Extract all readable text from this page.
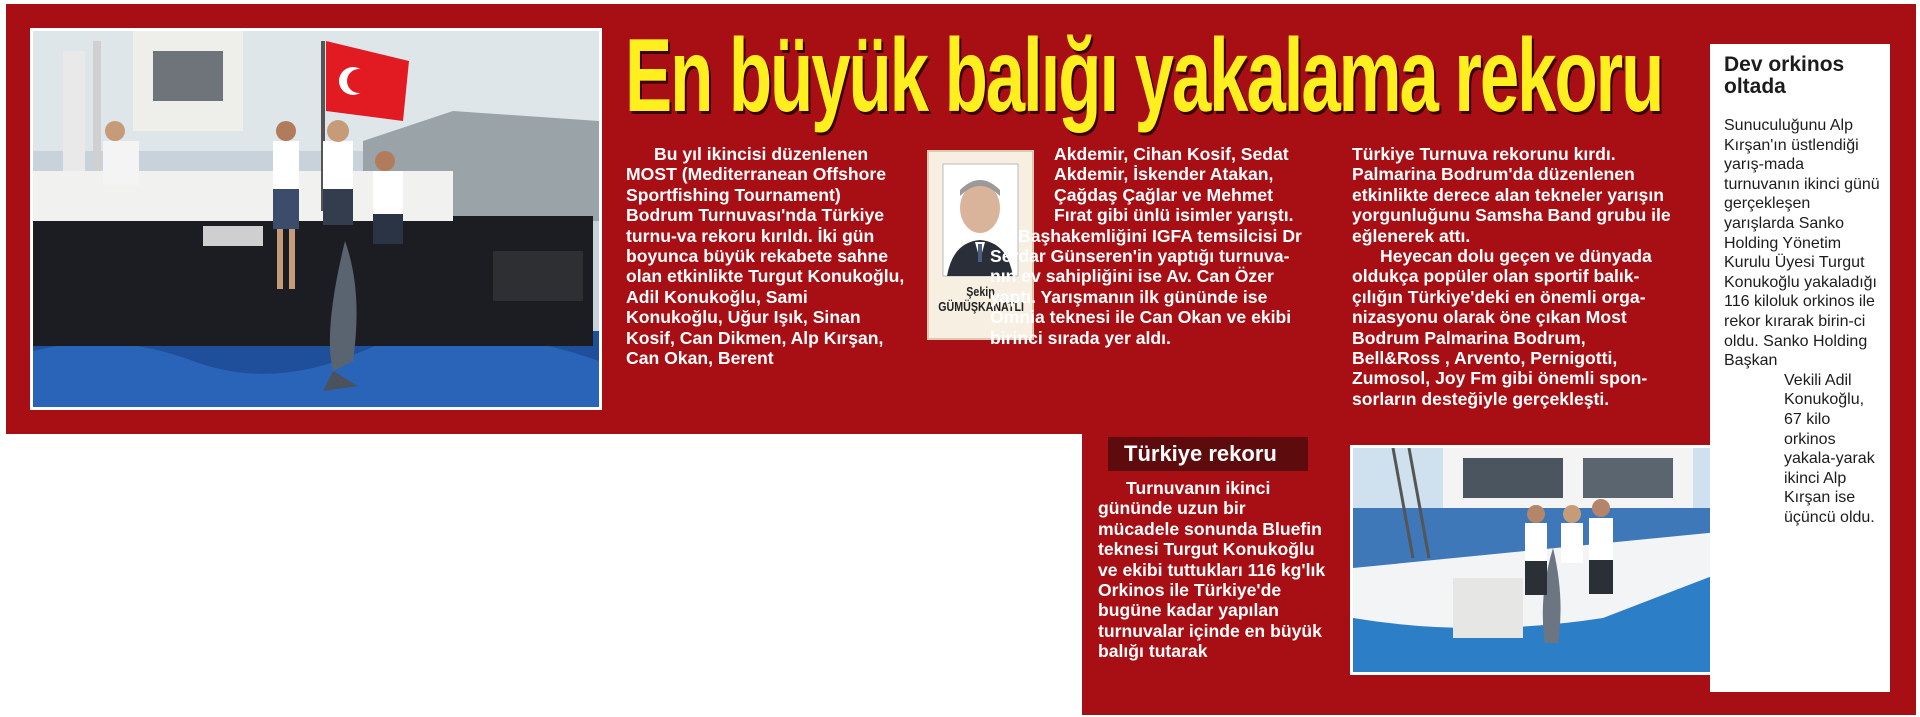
En büyük balığı yakalama rekoru

Bu yıl ikincisi düzenlenen MOST (Mediterranean Offshore Sportfishing Tournament) Bodrum Turnuvası'nda Türkiye turnu-va rekoru kırıldı. İki gün boyunca büyük rekabete sahne olan etkinlikte Turgut Konukoğlu, Adil Konukoğlu, Sami Konukoğlu, Uğur Işık, Sinan Kosif, Can Dikmen, Alp Kırşan, Can Okan, Berent

Şekip
GÜMÜŞKANATLI

Akdemir, Cihan Kosif, Sedat Akdemir, İskender Atakan, Çağdaş Çağlar ve Mehmet Fırat gibi ünlü isimler yarıştı.

Başhakemliğini IGFA temsilcisi Dr Serdar Günseren'in yaptığı turnuva-nın ev sahipliğini ise Av. Can Özer yaptı. Yarışmanın ilk gününde ise Omnia teknesi ile Can Okan ve ekibi birinci sırada yer aldı.

Türkiye Turnuva rekorunu kırdı. Palmarina Bodrum'da düzenlenen etkinlikte derece alan tekneler yarışın yorgunluğunu Samsha Band grubu ile eğlenerek attı.

Heyecan dolu geçen ve dünyada oldukça popüler olan sportif balık-çılığın Türkiye'deki en önemli orga-nizasyonu olarak öne çıkan Most Bodrum Palmarina Bodrum, Bell&Ross , Arvento, Pernigotti, Zumosol, Joy Fm gibi önemli spon-sorların desteğiyle gerçekleşti.

Türkiye rekoru

Turnuvanın ikinci gününde uzun bir mücadele sonunda Bluefin teknesi Turgut Konukoğlu ve ekibi tuttukları 116 kg'lık Orkinos ile Türkiye'de bugüne kadar yapılan turnuvalar içinde en büyük balığı tutarak

Dev orkinos oltada
Sunuculuğunu Alp Kırşan'ın üstlendiği yarış-mada turnuvanın ikinci günü gerçekleşen yarışlarda Sanko Holding Yönetim Kurulu Üyesi Turgut Konukoğlu yakaladığı 116 kiloluk orkinos ile rekor kırarak birin-ci oldu. Sanko Holding Başkan
Vekili Adil Konukoğlu, 67 kilo orkinos yakala-yarak ikinci Alp Kırşan ise üçüncü oldu.
